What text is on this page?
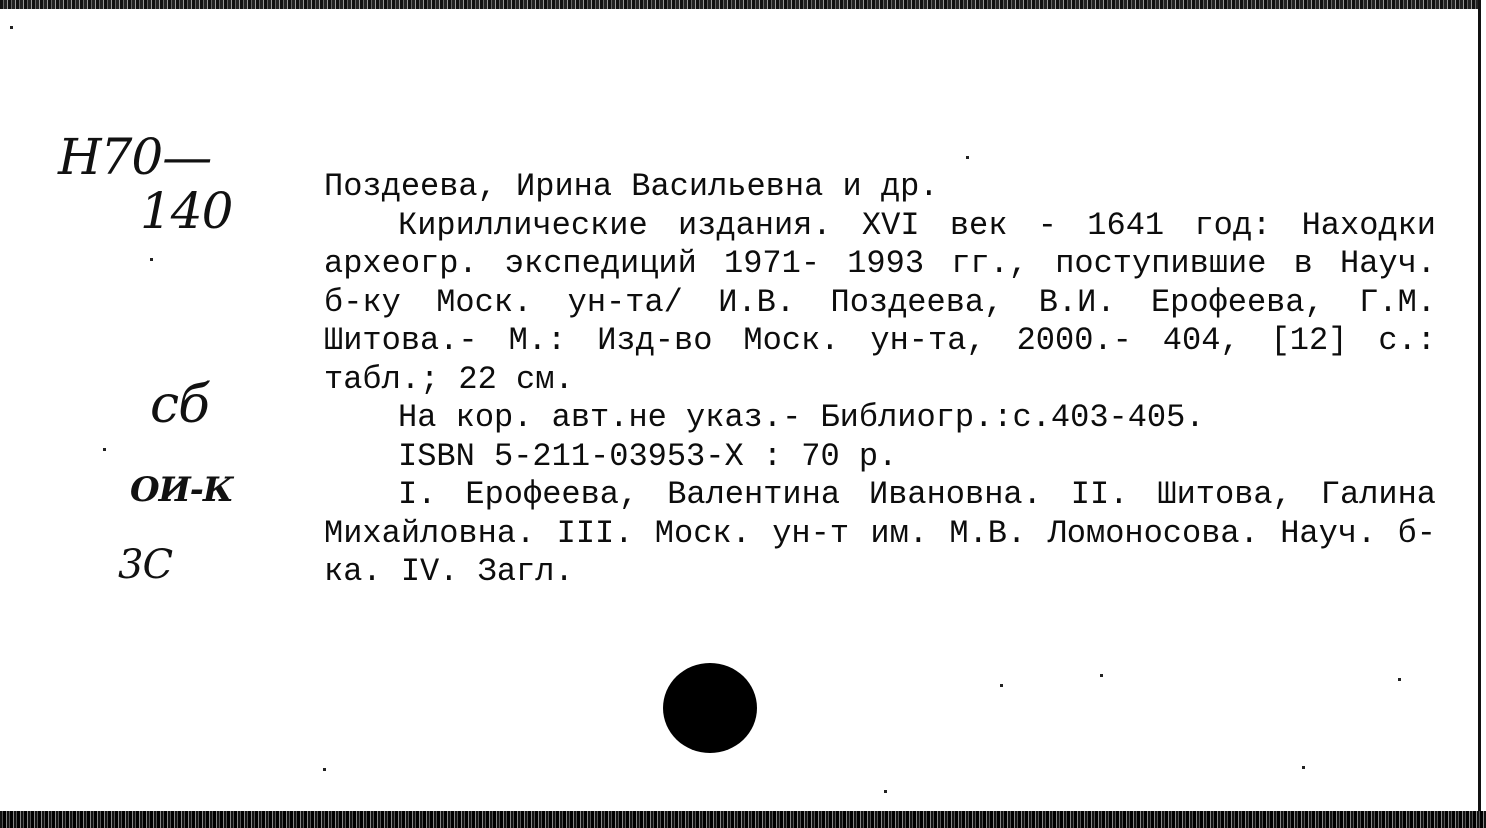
Н70—
140
сб
ОИ-К
3С

Поздеева, Ирина Васильевна и др.

Кириллические издания. XVI век - 1641 год: Находки археогр. экспедиций 1971- 1993 гг., поступившие в Науч. б-ку Моск. ун-та/ И.В. Поздеева, В.И. Ерофеева, Г.М. Шитова.- М.: Изд-во Моск. ун-та, 2000.- 404, [12] с.: табл.; 22 см.

На кор. авт.не указ.- Библиогр.:с.403-405.

ISBN 5-211-03953-X : 70 р.

I. Ерофеева, Валентина Ивановна. II. Шитова, Галина Михайловна. III. Моск. ун-т им. М.В. Ломоносова. Науч. б-ка. IV. Загл.
